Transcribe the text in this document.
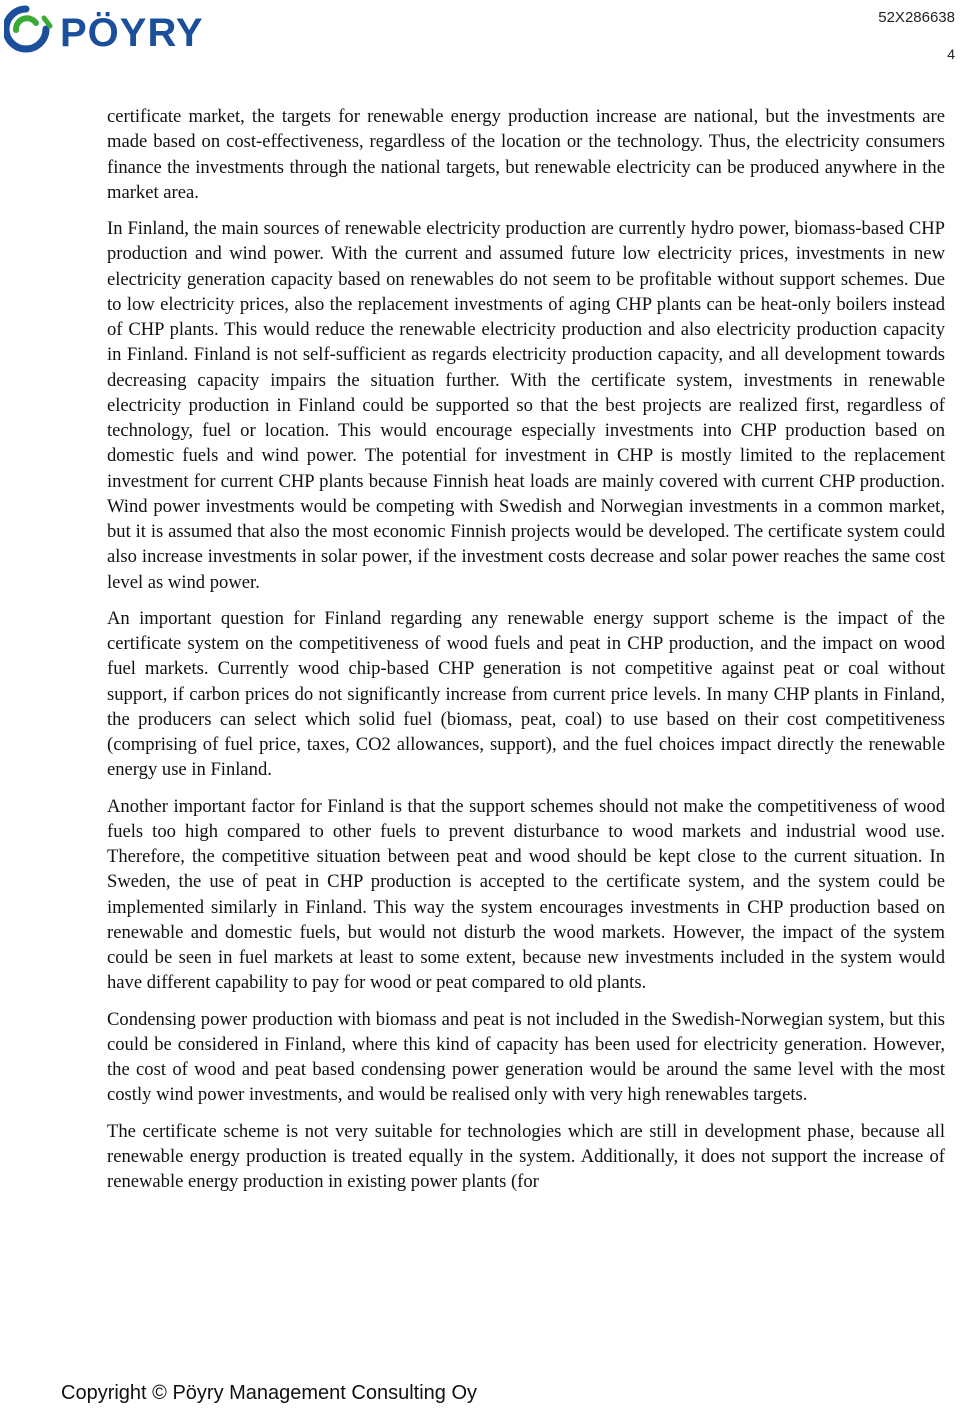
PÖYRY	52X286638
4

certificate market, the targets for renewable energy production increase are national, but the investments are made based on cost-effectiveness, regardless of the location or the technology. Thus, the electricity consumers finance the investments through the national targets, but renewable electricity can be produced anywhere in the market area.

In Finland, the main sources of renewable electricity production are currently hydro power, biomass-based CHP production and wind power. With the current and assumed future low electricity prices, investments in new electricity generation capacity based on renewables do not seem to be profitable without support schemes. Due to low electricity prices, also the replacement investments of aging CHP plants can be heat-only boilers instead of CHP plants. This would reduce the renewable electricity production and also electricity production capacity in Finland. Finland is not self-sufficient as regards electricity production capacity, and all development towards decreasing capacity impairs the situation further. With the certificate system, investments in renewable electricity production in Finland could be supported so that the best projects are realized first, regardless of technology, fuel or location. This would encourage especially investments into CHP production based on domestic fuels and wind power. The potential for investment in CHP is mostly limited to the replacement investment for current CHP plants because Finnish heat loads are mainly covered with current CHP production. Wind power investments would be competing with Swedish and Norwegian investments in a common market, but it is assumed that also the most economic Finnish projects would be developed. The certificate system could also increase investments in solar power, if the investment costs decrease and solar power reaches the same cost level as wind power.

An important question for Finland regarding any renewable energy support scheme is the impact of the certificate system on the competitiveness of wood fuels and peat in CHP production, and the impact on wood fuel markets. Currently wood chip-based CHP generation is not competitive against peat or coal without support, if carbon prices do not significantly increase from current price levels. In many CHP plants in Finland, the producers can select which solid fuel (biomass, peat, coal) to use based on their cost competitiveness (comprising of fuel price, taxes, CO2 allowances, support), and the fuel choices impact directly the renewable energy use in Finland.

Another important factor for Finland is that the support schemes should not make the competitiveness of wood fuels too high compared to other fuels to prevent disturbance to wood markets and industrial wood use. Therefore, the competitive situation between peat and wood should be kept close to the current situation. In Sweden, the use of peat in CHP production is accepted to the certificate system, and the system could be implemented similarly in Finland. This way the system encourages investments in CHP production based on renewable and domestic fuels, but would not disturb the wood markets. However, the impact of the system could be seen in fuel markets at least to some extent, because new investments included in the system would have different capability to pay for wood or peat compared to old plants.

Condensing power production with biomass and peat is not included in the Swedish-Norwegian system, but this could be considered in Finland, where this kind of capacity has been used for electricity generation. However, the cost of wood and peat based condensing power generation would be around the same level with the most costly wind power investments, and would be realised only with very high renewables targets.

The certificate scheme is not very suitable for technologies which are still in development phase, because all renewable energy production is treated equally in the system. Additionally, it does not support the increase of renewable energy production in existing power plants (for

Copyright © Pöyry Management Consulting Oy
